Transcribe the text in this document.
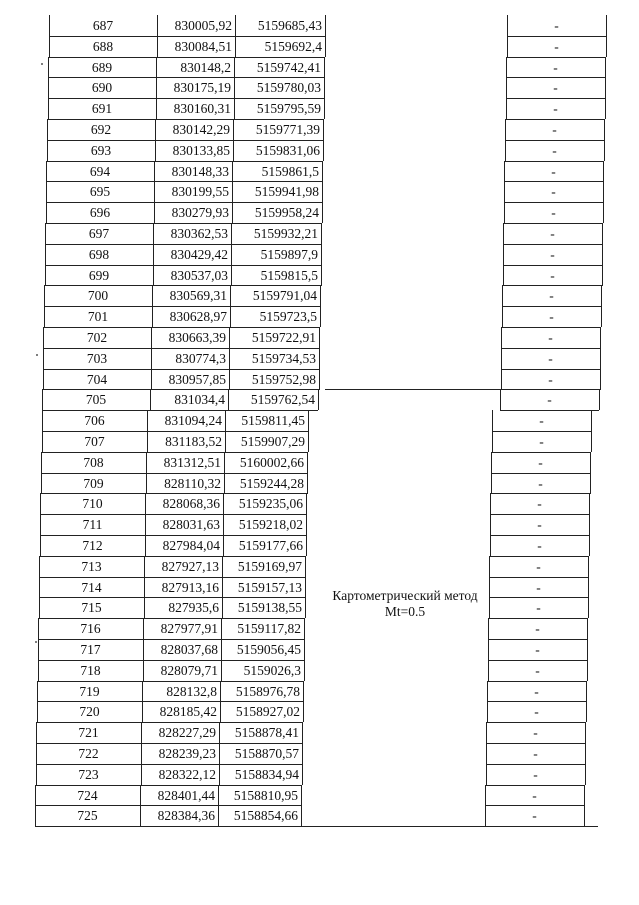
687	830005,92	5159685,43	-
688	830084,51	5159692,4	-
689	830148,2	5159742,41	-
690	830175,19	5159780,03	-
691	830160,31	5159795,59	-
692	830142,29	5159771,39	-
693	830133,85	5159831,06	-
694	830148,33	5159861,5	-
695	830199,55	5159941,98	-
696	830279,93	5159958,24	-
697	830362,53	5159932,21	-
698	830429,42	5159897,9	-
699	830537,03	5159815,5	-
700	830569,31	5159791,04	-
701	830628,97	5159723,5	-
702	830663,39	5159722,91	-
703	830774,3	5159734,53	-
704	830957,85	5159752,98	-
705	831034,4	5159762,54	-
706	831094,24	5159811,45	-
707	831183,52	5159907,29	-
708	831312,51	5160002,66	-
709	828110,32	5159244,28	-
710	828068,36	5159235,06	-
711	828031,63	5159218,02	-
712	827984,04	5159177,66	-
713	827927,13	5159169,97	-
714	827913,16	5159157,13	-
715	827935,6	5159138,55	-
716	827977,91	5159117,82	-
717	828037,68	5159056,45	-
718	828079,71	5159026,3	-
719	828132,8	5158976,78	-
720	828185,42	5158927,02	-
721	828227,29	5158878,41	-
722	828239,23	5158870,57	-
723	828322,12	5158834,94	-
724	828401,44	5158810,95	-
725	828384,36	5158854,66	-
Картометрический метод
Mt=0.5
